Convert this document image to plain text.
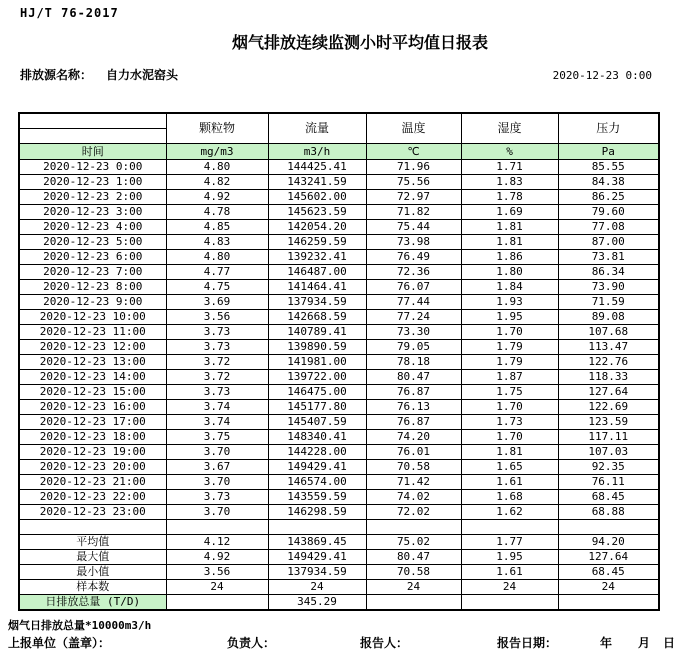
HJ/T 76-2017
烟气排放连续监测小时平均值日报表
排放源名称： 自力水泥窑头	2020-12-23 0:00
	颗粒物	流量	温度	湿度	压力
时间	mg/m3	m3/h	℃	%	Pa
2020-12-23 0:00	4.80	144425.41	71.96	1.71	85.55
2020-12-23 1:00	4.82	143241.59	75.56	1.83	84.38
2020-12-23 2:00	4.92	145602.00	72.97	1.78	86.25
2020-12-23 3:00	4.78	145623.59	71.82	1.69	79.60
2020-12-23 4:00	4.85	142054.20	75.44	1.81	77.08
2020-12-23 5:00	4.83	146259.59	73.98	1.81	87.00
2020-12-23 6:00	4.80	139232.41	76.49	1.86	73.81
2020-12-23 7:00	4.77	146487.00	72.36	1.80	86.34
2020-12-23 8:00	4.75	141464.41	76.07	1.84	73.90
2020-12-23 9:00	3.69	137934.59	77.44	1.93	71.59
2020-12-23 10:00	3.56	142668.59	77.24	1.95	89.08
2020-12-23 11:00	3.73	140789.41	73.30	1.70	107.68
2020-12-23 12:00	3.73	139890.59	79.05	1.79	113.47
2020-12-23 13:00	3.72	141981.00	78.18	1.79	122.76
2020-12-23 14:00	3.72	139722.00	80.47	1.87	118.33
2020-12-23 15:00	3.73	146475.00	76.87	1.75	127.64
2020-12-23 16:00	3.74	145177.80	76.13	1.70	122.69
2020-12-23 17:00	3.74	145407.59	76.87	1.73	123.59
2020-12-23 18:00	3.75	148340.41	74.20	1.70	117.11
2020-12-23 19:00	3.70	144228.00	76.01	1.81	107.03
2020-12-23 20:00	3.67	149429.41	70.58	1.65	92.35
2020-12-23 21:00	3.70	146574.00	71.42	1.61	76.11
2020-12-23 22:00	3.73	143559.59	74.02	1.68	68.45
2020-12-23 23:00	3.70	146298.59	72.02	1.62	68.88

平均值	4.12	143869.45	75.02	1.77	94.20
最大值	4.92	149429.41	80.47	1.95	127.64
最小值	3.56	137934.59	70.58	1.61	68.45
样本数	24	24	24	24	24
日排放总量 (T/D)		345.29			
烟气日排放总量*10000m3/h
上报单位（盖章）：	负责人：	报告人：	报告日期：	年 月 日
